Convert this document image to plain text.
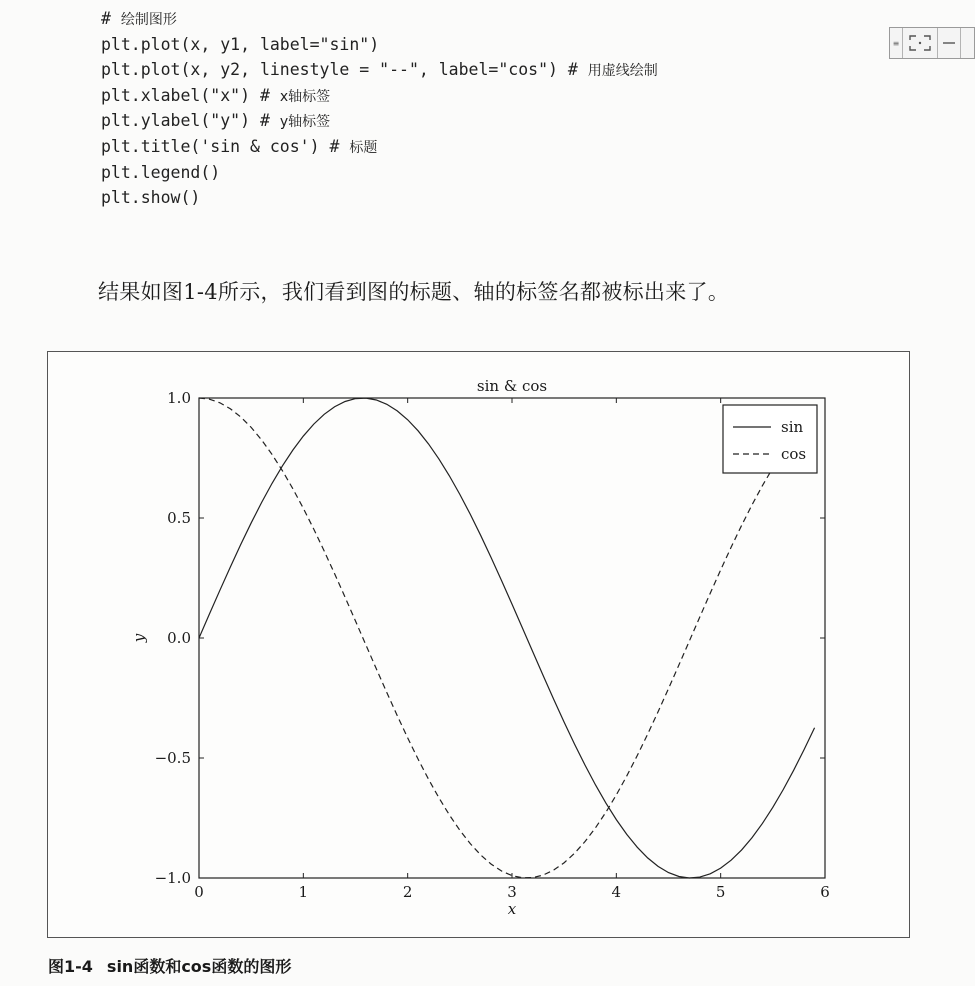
# 绘制图形
plt.plot(x, y1, label="sin")
plt.plot(x, y2, linestyle = "--", label="cos") # 用虚线绘制
plt.xlabel("x") # x轴标签
plt.ylabel("y") # y轴标签
plt.title('sin & cos') # 标题
plt.legend()
plt.show()
≡
结果如图1-4所示，我们看到图的标题、轴的标签名都被标出来了。
0	1	2	3	4	5	6
1.0
0.5
0.0
−0.5
−1.0
sin & cos
x
y
sin
cos
图1-4 sin函数和cos函数的图形
